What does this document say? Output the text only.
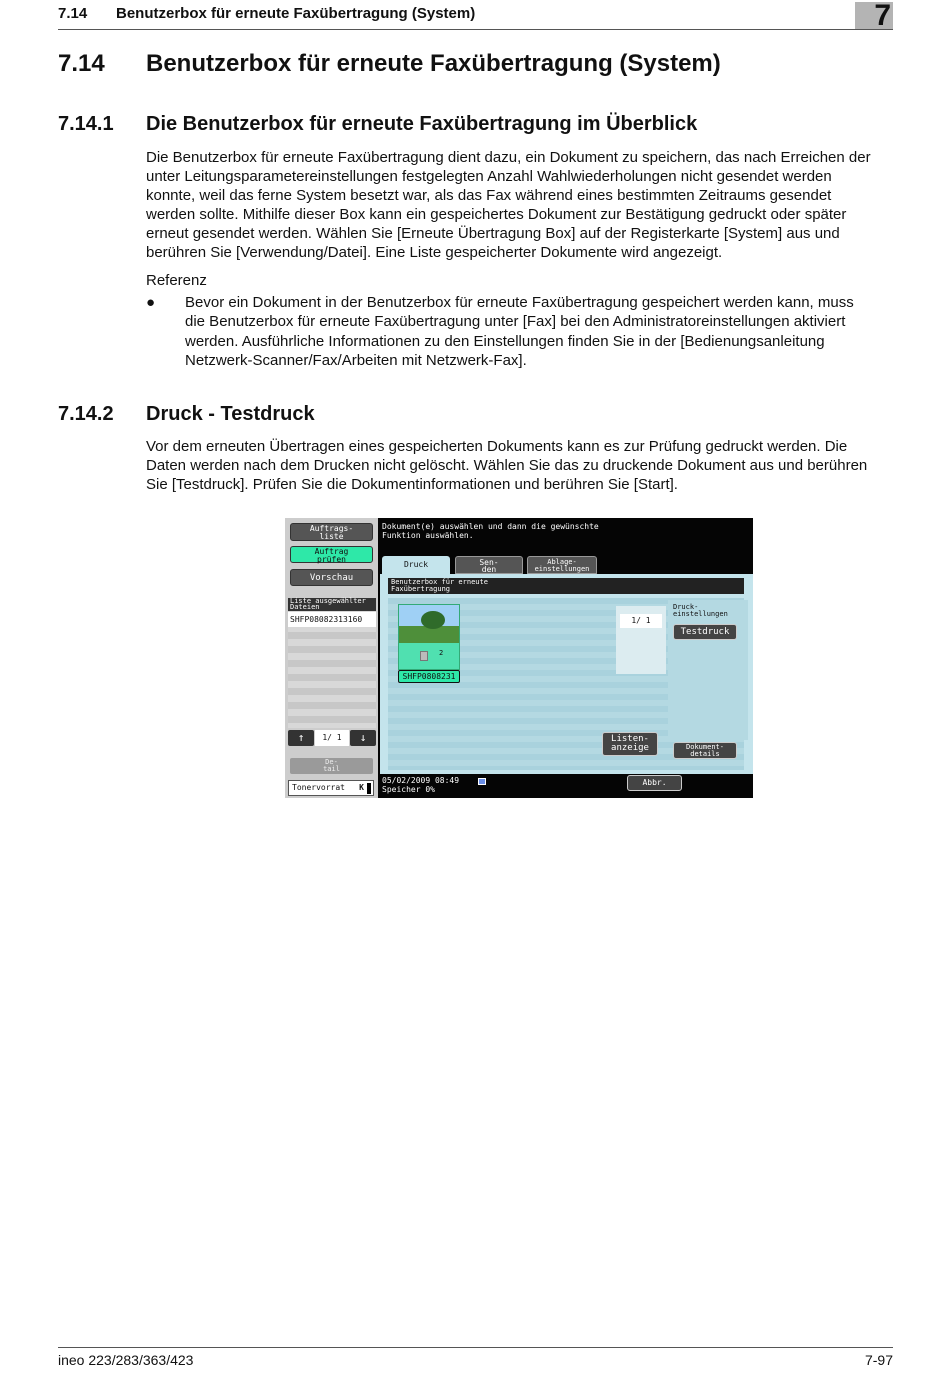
7.14 Benutzerbox für erneute Faxübertragung (System)	7
7.14 Benutzerbox für erneute Faxübertragung (System)
7.14.1 Die Benutzerbox für erneute Faxübertragung im Überblick
Die Benutzerbox für erneute Faxübertragung dient dazu, ein Dokument zu speichern, das nach Erreichen der
unter Leitungsparametereinstellungen festgelegten Anzahl Wahlwiederholungen nicht gesendet werden
konnte, weil das ferne System besetzt war, als das Fax während eines bestimmten Zeitraums gesendet
werden sollte. Mithilfe dieser Box kann ein gespeichertes Dokument zur Bestätigung gedruckt oder später
erneut gesendet werden. Wählen Sie [Erneute Übertragung Box] auf der Registerkarte [System] aus und
berühren Sie [Verwendung/Datei]. Eine Liste gespeicherter Dokumente wird angezeigt.
Referenz
● Bevor ein Dokument in der Benutzerbox für erneute Faxübertragung gespeichert werden kann, muss
die Benutzerbox für erneute Faxübertragung unter [Fax] bei den Administratoreinstellungen aktiviert
werden. Ausführliche Informationen zu den Einstellungen finden Sie in der [Bedienungsanleitung
Netzwerk-Scanner/Fax/Arbeiten mit Netzwerk-Fax].
7.14.2 Druck - Testdruck
Vor dem erneuten Übertragen eines gespeicherten Dokuments kann es zur Prüfung gedruckt werden. Die
Daten werden nach dem Drucken nicht gelöscht. Wählen Sie das zu druckende Dokument aus und berühren
Sie [Testdruck]. Prüfen Sie die Dokumentinformationen und berühren Sie [Start].
Auftrags-
liste
Auftrag
prüfen
Vorschau
Liste ausgewählter
Dateien
SHFP08082313160
↑	1/ 1	↓
De-
tail
Tonervorrat K
Dokument(e) auswählen und dann die gewünschte
Funktion auswählen.
Benutzerbox für erneute
Faxübertragung
2
SHFP0808231
1/ 1
Listen-
anzeige
Druck-
einstellungen
Testdruck
Dokument-
details
Druck	Sen-
den
Ablage-
einstellungen
05/02/2009 08:49
Speicher 0%
Abbr.
ineo 223/283/363/423	7-97
